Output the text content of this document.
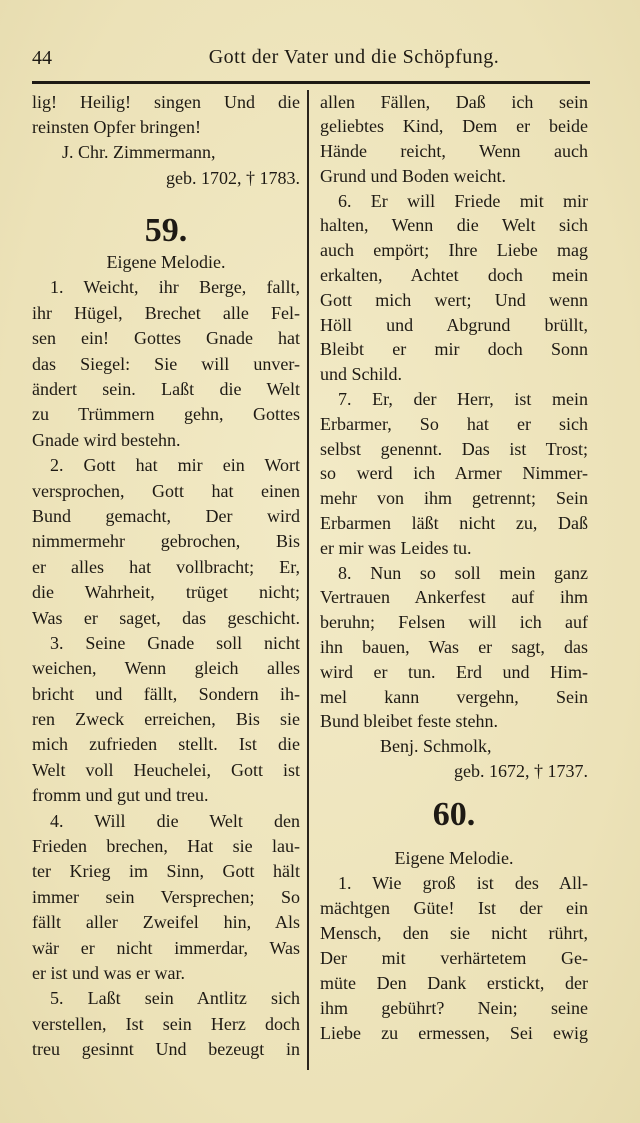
44	Gott der Vater und die Schöpfung.
lig! Heilig! singen Und die
reinsten Opfer bringen!
J. Chr. Zimmermann,
geb. 1702, † 1783.
59.
Eigene Melodie.
1. Weicht, ihr Berge, fallt,
ihr Hügel, Brechet alle Fel-
sen ein! Gottes Gnade hat
das Siegel: Sie will unver-
ändert sein. Laßt die Welt
zu Trümmern gehn, Gottes
Gnade wird bestehn.
2. Gott hat mir ein Wort
versprochen, Gott hat einen
Bund gemacht, Der wird
nimmermehr gebrochen, Bis
er alles hat vollbracht; Er,
die Wahrheit, trüget nicht;
Was er saget, das geschicht.
3. Seine Gnade soll nicht
weichen, Wenn gleich alles
bricht und fällt, Sondern ih-
ren Zweck erreichen, Bis sie
mich zufrieden stellt. Ist die
Welt voll Heuchelei, Gott ist
fromm und gut und treu.
4. Will die Welt den
Frieden brechen, Hat sie lau-
ter Krieg im Sinn, Gott hält
immer sein Versprechen; So
fällt aller Zweifel hin, Als
wär er nicht immerdar, Was
er ist und was er war.
5. Laßt sein Antlitz sich
verstellen, Ist sein Herz doch
treu gesinnt Und bezeugt in
allen Fällen, Daß ich sein
geliebtes Kind, Dem er beide
Hände reicht, Wenn auch
Grund und Boden weicht.
6. Er will Friede mit mir
halten, Wenn die Welt sich
auch empört; Ihre Liebe mag
erkalten, Achtet doch mein
Gott mich wert; Und wenn
Höll und Abgrund brüllt,
Bleibt er mir doch Sonn
und Schild.
7. Er, der Herr, ist mein
Erbarmer, So hat er sich
selbst genennt. Das ist Trost;
so werd ich Armer Nimmer-
mehr von ihm getrennt; Sein
Erbarmen läßt nicht zu, Daß
er mir was Leides tu.
8. Nun so soll mein ganz
Vertrauen Ankerfest auf ihm
beruhn; Felsen will ich auf
ihn bauen, Was er sagt, das
wird er tun. Erd und Him-
mel kann vergehn, Sein
Bund bleibet feste stehn.
Benj. Schmolk,
geb. 1672, † 1737.
60.
Eigene Melodie.
1. Wie groß ist des All-
mächtgen Güte! Ist der ein
Mensch, den sie nicht rührt,
Der mit verhärtetem Ge-
müte Den Dank erstickt, der
ihm gebührt? Nein; seine
Liebe zu ermessen, Sei ewig
